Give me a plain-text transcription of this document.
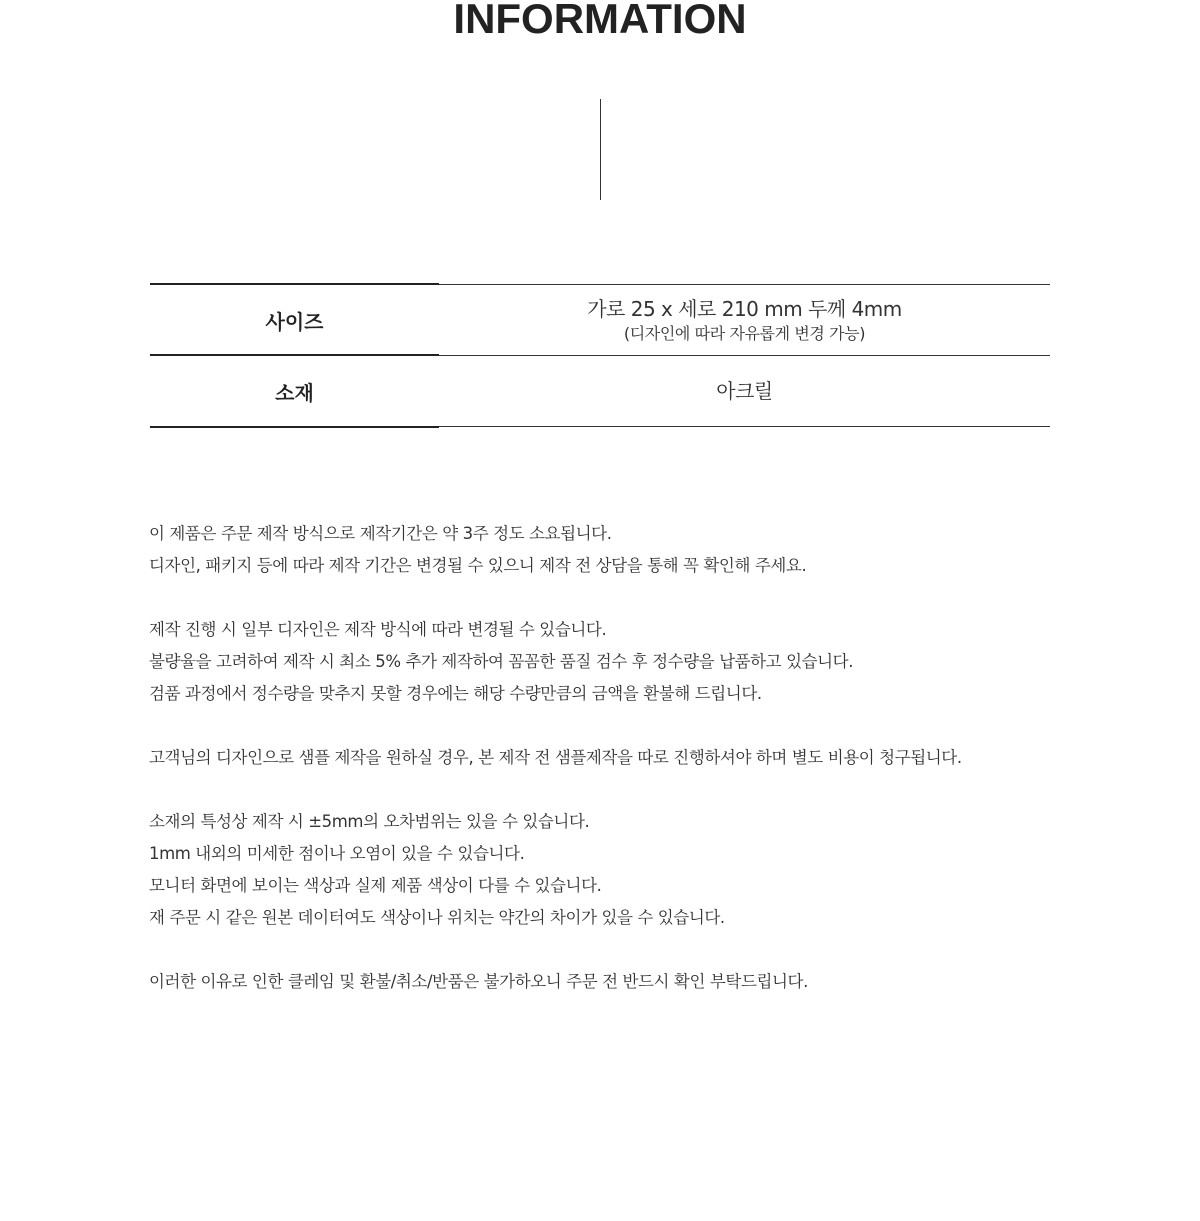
INFORMATION
사이즈
가로 25 x 세로 210 mm 두께 4mm
(디자인에 따라 자유롭게 변경 가능)
소재	아크릴
이 제품은 주문 제작 방식으로 제작기간은 약 3주 정도 소요됩니다.
디자인, 패키지 등에 따라 제작 기간은 변경될 수 있으니 제작 전 상담을 통해 꼭 확인해 주세요.
제작 진행 시 일부 디자인은 제작 방식에 따라 변경될 수 있습니다.
불량율을 고려하여 제작 시 최소 5% 추가 제작하여 꼼꼼한 품질 검수 후 정수량을 납품하고 있습니다.
검품 과정에서 정수량을 맞추지 못할 경우에는 해당 수량만큼의 금액을 환불해 드립니다.
고객님의 디자인으로 샘플 제작을 원하실 경우, 본 제작 전 샘플제작을 따로 진행하셔야 하며 별도 비용이 청구됩니다.
소재의 특성상 제작 시 ±5mm의 오차범위는 있을 수 있습니다.
1mm 내외의 미세한 점이나 오염이 있을 수 있습니다.
모니터 화면에 보이는 색상과 실제 제품 색상이 다를 수 있습니다.
재 주문 시 같은 원본 데이터여도 색상이나 위치는 약간의 차이가 있을 수 있습니다.
이러한 이유로 인한 클레임 및 환불/취소/반품은 불가하오니 주문 전 반드시 확인 부탁드립니다.
